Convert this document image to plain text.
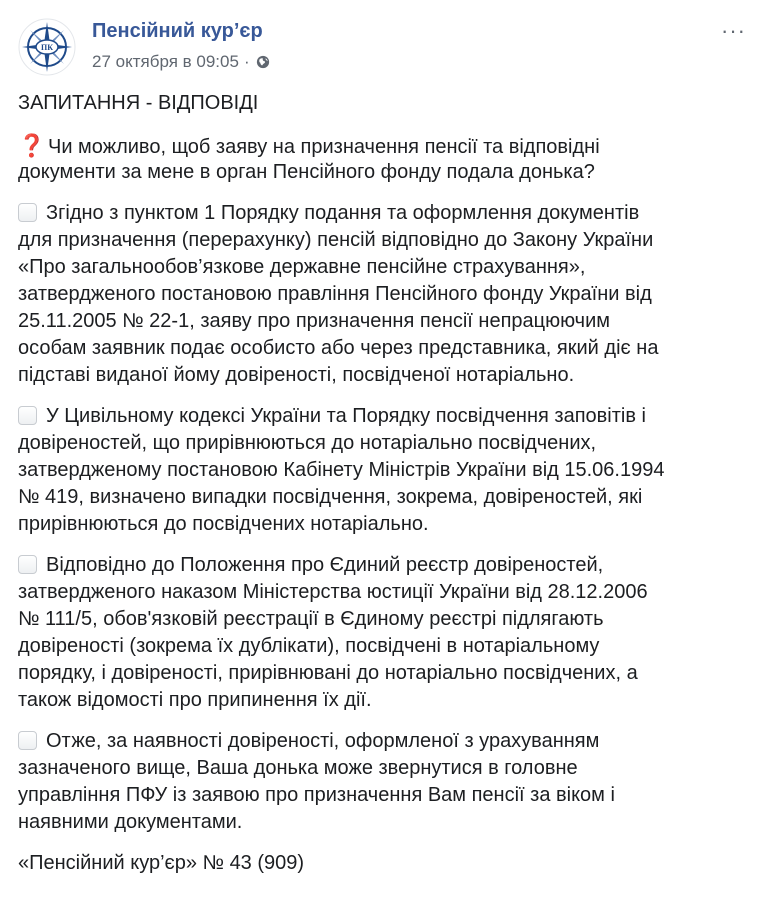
ПК
Пенсійний кур’єр
27 октября в 09:05 ·
···
ЗАПИТАННЯ - ВІДПОВІДІ
❓ Чи можливо, щоб заяву на призначення пенсії та відповідні
документи за мене в орган Пенсійного фонду подала донька?
Згідно з пунктом 1 Порядку подання та оформлення документів
для призначення (перерахунку) пенсій відповідно до Закону України
«Про загальнообов’язкове державне пенсійне страхування»,
затвердженого постановою правління Пенсійного фонду України від
25.11.2005 № 22-1, заяву про призначення пенсії непрацюючим
особам заявник подає особисто або через представника, який діє на
підставі виданої йому довіреності, посвідченої нотаріально.
У Цивільному кодексі України та Порядку посвідчення заповітів і
довіреностей, що прирівнюються до нотаріально посвідчених,
затвердженому постановою Кабінету Міністрів України від 15.06.1994
№ 419, визначено випадки посвідчення, зокрема, довіреностей, які
прирівнюються до посвідчених нотаріально.
Відповідно до Положення про Єдиний реєстр довіреностей,
затвердженого наказом Міністерства юстиції України від 28.12.2006
№ 111/5, обов'язковій реєстрації в Єдиному реєстрі підлягають
довіреності (зокрема їх дублікати), посвідчені в нотаріальному
порядку, і довіреності, прирівнювані до нотаріально посвідчених, а
також відомості про припинення їх дії.
Отже, за наявності довіреності, оформленої з урахуванням
зазначеного вище, Ваша донька може звернутися в головне
управління ПФУ із заявою про призначення Вам пенсії за віком і
наявними документами.
«Пенсійний кур’єр» № 43 (909)
